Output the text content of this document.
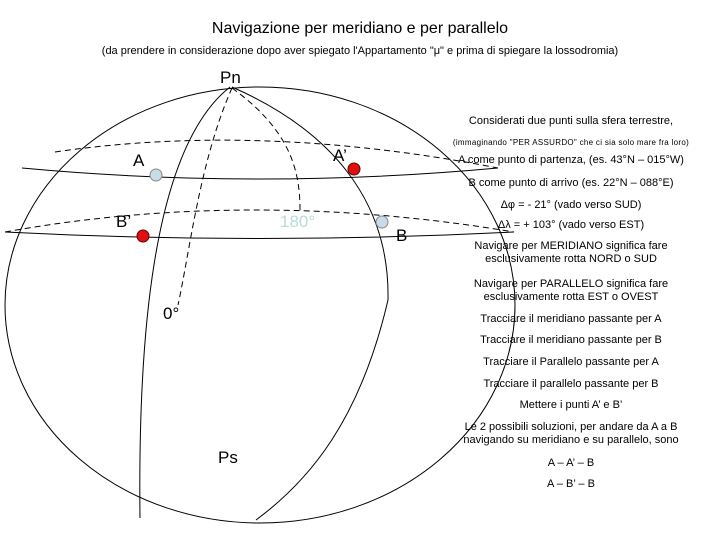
Navigazione per meridiano e per parallelo
(da prendere in considerazione dopo aver spiegato l'Appartamento "μ" e prima di spiegare la lossodromia)
Pn
Ps
A	A’
B’
B
180°
0°
Considerati due punti sulla sfera terrestre,
(immaginando "PER ASSURDO" che ci sia solo mare fra loro)
A come punto di partenza, (es. 43°N – 015°W)
B come punto di arrivo (es. 22°N – 088°E)
Δφ = - 21° (vado verso SUD)
Δλ = + 103° (vado verso EST)
Navigare per MERIDIANO significa fare esclusivamente rotta NORD o SUD
Navigare per PARALLELO significa fare esclusivamente rotta EST o OVEST
Tracciare il meridiano passante per A
Tracciare il meridiano passante per B
Tracciare il Parallelo passante per A
Tracciare il parallelo passante per B
Mettere i punti A’ e B’
Le 2 possibili soluzioni, per andare da A a B navigando su meridiano e su parallelo, sono
A – A’ – B
A – B’ – B
